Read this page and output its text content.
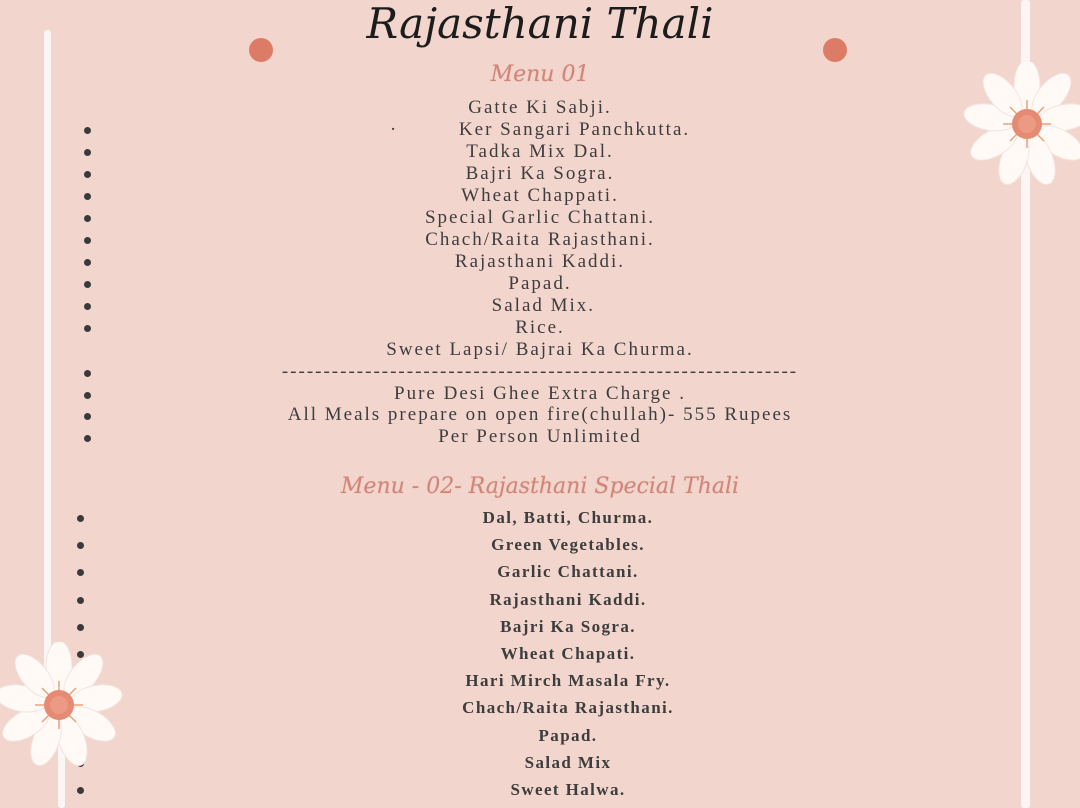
Rajasthani Thali
Menu 01
Gatte Ki Sabji.
·         Ker Sangari Panchkutta.
Tadka Mix Dal.
Bajri Ka Sogra.
Wheat Chappati.
Special Garlic Chattani.
Chach/Raita Rajasthani.
Rajasthani Kaddi.
Papad.
Salad Mix.
Rice.
Sweet Lapsi/ Bajrai Ka Churma.
--------------------------------------------------------------
Pure Desi Ghee Extra Charge .
All Meals prepare on open fire(chullah)- 555 Rupees
Per Person Unlimited
Menu - 02- Rajasthani Special Thali
Dal, Batti, Churma.
Green Vegetables.
Garlic Chattani.
Rajasthani Kaddi.
Bajri Ka Sogra.
Wheat Chapati.
Hari Mirch Masala Fry.
Chach/Raita Rajasthani.
Papad.
Salad Mix
Sweet Halwa.
